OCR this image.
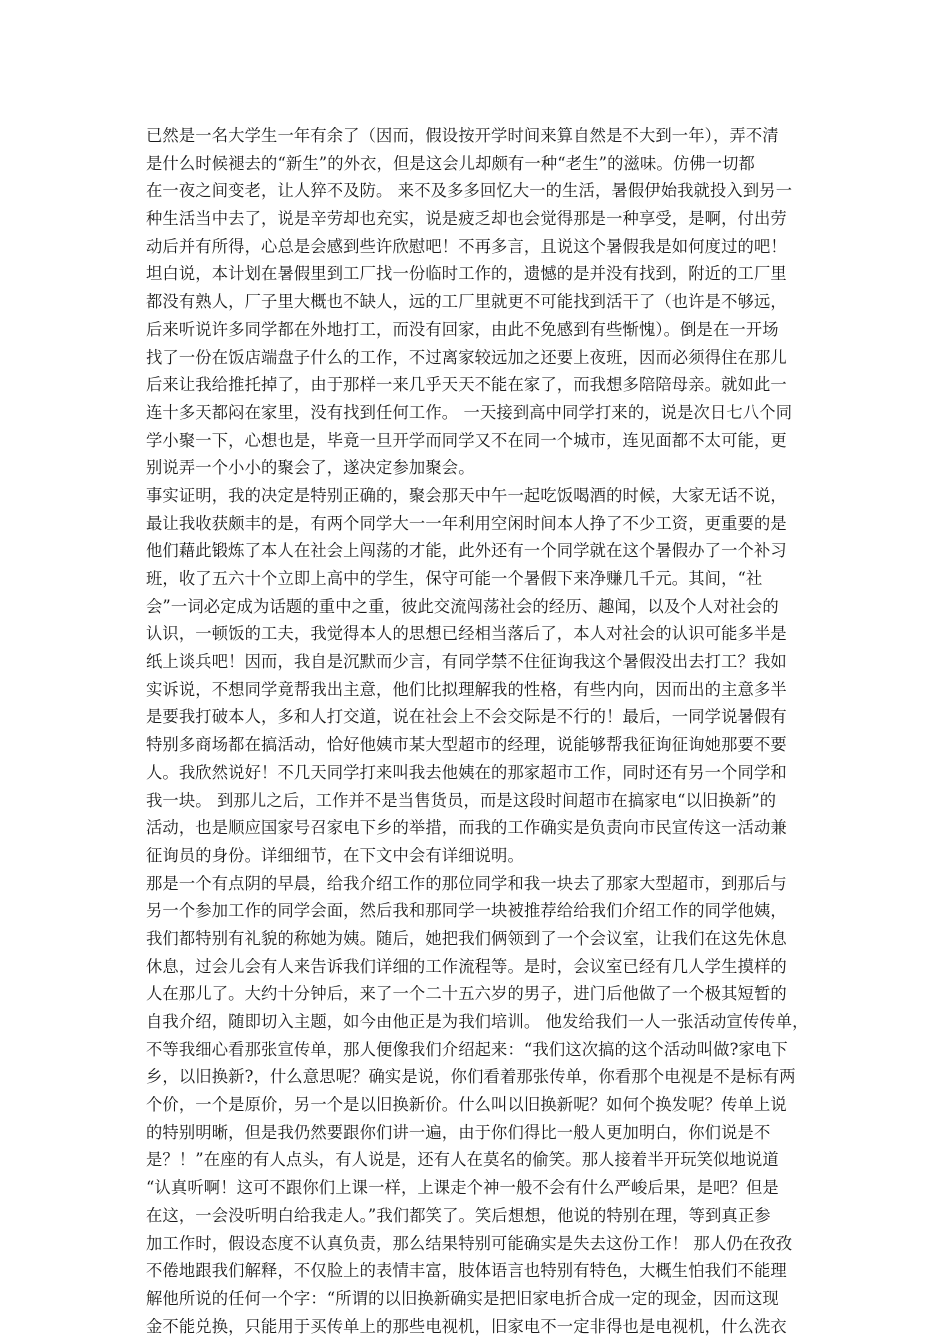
已然是一名大学生一年有余了（因而，假设按开学时间来算自然是不大到一年），弄不清
是什么时候褪去的“新生”的外衣，但是这会儿却颇有一种“老生”的滋味。仿佛一切都
在一夜之间变老，让人猝不及防。 来不及多多回忆大一的生活，暑假伊始我就投入到另一
种生活当中去了，说是辛劳却也充实，说是疲乏却也会觉得那是一种享受，是啊，付出劳
动后并有所得，心总是会感到些许欣慰吧！不再多言，且说这个暑假我是如何度过的吧！
坦白说，本计划在暑假里到工厂找一份临时工作的，遗憾的是并没有找到，附近的工厂里
都没有熟人，厂子里大概也不缺人，远的工厂里就更不可能找到活干了（也许是不够远，
后来听说许多同学都在外地打工，而没有回家，由此不免感到有些惭愧）。倒是在一开场
找了一份在饭店端盘子什么的工作，不过离家较远加之还要上夜班，因而必须得住在那儿
后来让我给推托掉了，由于那样一来几乎天天不能在家了，而我想多陪陪母亲。就如此一
连十多天都闷在家里，没有找到任何工作。 一天接到高中同学打来的，说是次日七八个同
学小聚一下，心想也是，毕竟一旦开学而同学又不在同一个城市，连见面都不太可能，更
别说弄一个小小的聚会了，遂决定参加聚会。
事实证明，我的决定是特别正确的，聚会那天中午一起吃饭喝酒的时候，大家无话不说，
最让我收获颇丰的是，有两个同学大一一年利用空闲时间本人挣了不少工资，更重要的是
他们藉此锻炼了本人在社会上闯荡的才能，此外还有一个同学就在这个暑假办了一个补习
班，收了五六十个立即上高中的学生，保守可能一个暑假下来净赚几千元。其间，“社
会”一词必定成为话题的重中之重，彼此交流闯荡社会的经历、趣闻，以及个人对社会的
认识，一顿饭的工夫，我觉得本人的思想已经相当落后了，本人对社会的认识可能多半是
纸上谈兵吧！因而，我自是沉默而少言，有同学禁不住征询我这个暑假没出去打工？我如
实诉说，不想同学竟帮我出主意，他们比拟理解我的性格，有些内向，因而出的主意多半
是要我打破本人，多和人打交道，说在社会上不会交际是不行的！最后，一同学说暑假有
特别多商场都在搞活动，恰好他姨市某大型超市的经理，说能够帮我征询征询她那要不要
人。我欣然说好！不几天同学打来叫我去他姨在的那家超市工作，同时还有另一个同学和
我一块。 到那儿之后，工作并不是当售货员，而是这段时间超市在搞家电“以旧换新”的
活动，也是顺应国家号召家电下乡的举措，而我的工作确实是负责向市民宣传这一活动兼
征询员的身份。详细细节，在下文中会有详细说明。
那是一个有点阴的早晨，给我介绍工作的那位同学和我一块去了那家大型超市，到那后与
另一个参加工作的同学会面，然后我和那同学一块被推荐给给我们介绍工作的同学他姨，
我们都特别有礼貌的称她为姨。随后，她把我们俩领到了一个会议室，让我们在这先休息
休息，过会儿会有人来告诉我们详细的工作流程等。是时，会议室已经有几人学生摸样的
人在那儿了。大约十分钟后，来了一个二十五六岁的男子，进门后他做了一个极其短暂的
自我介绍，随即切入主题，如今由他正是为我们培训。 他发给我们一人一张活动宣传传单，
不等我细心看那张宣传单，那人便像我们介绍起来：“我们这次搞的这个活动叫做?家电下
乡，以旧换新?，什么意思呢？确实是说，你们看着那张传单，你看那个电视是不是标有两
个价，一个是原价，另一个是以旧换新价。什么叫以旧换新呢？如何个换发呢？传单上说
的特别明晰，但是我仍然要跟你们讲一遍，由于你们得比一般人更加明白，你们说是不
是？！”在座的有人点头，有人说是，还有人在莫名的偷笑。那人接着半开玩笑似地说道
“认真听啊！这可不跟你们上课一样，上课走个神一般不会有什么严峻后果，是吧？但是
在这，一会没听明白给我走人。”我们都笑了。笑后想想，他说的特别在理，等到真正参
加工作时，假设态度不认真负责，那么结果特别可能确实是失去这份工作！ 那人仍在孜孜
不倦地跟我们解释，不仅脸上的表情丰富，肢体语言也特别有特色，大概生怕我们不能理
解他所说的任何一个字：“所谓的以旧换新确实是把旧家电折合成一定的现金，因而这现
金不能兑换，只能用于买传单上的那些电视机，旧家电不一定非得也是电视机，什么洗衣
